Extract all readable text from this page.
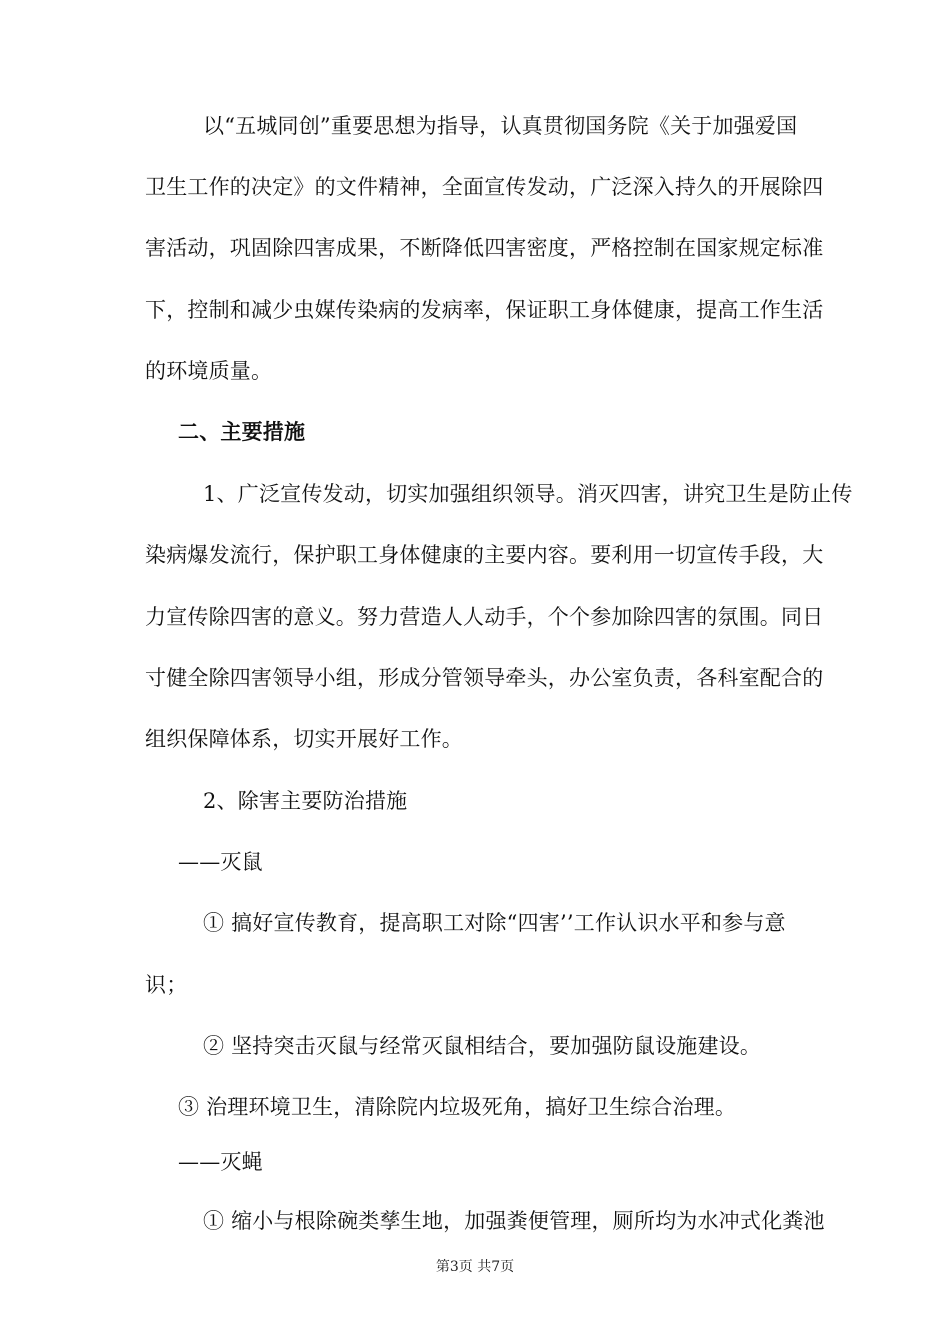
以“五城同创”重要思想为指导，认真贯彻国务院《关于加强爱国
卫生工作的决定》的文件精神，全面宣传发动，广泛深入持久的开展除四
害活动，巩固除四害成果，不断降低四害密度，严格控制在国家规定标准
下，控制和减少虫媒传染病的发病率，保证职工身体健康，提高工作生活
的环境质量。
二、主要措施
1、广泛宣传发动，切实加强组织领导。消灭四害，讲究卫生是防止传
染病爆发流行，保护职工身体健康的主要内容。要利用一切宣传手段，大
力宣传除四害的意义。努力营造人人动手，个个参加除四害的氛围。同日
寸健全除四害领导小组，形成分管领导牵头，办公室负责，各科室配合的
组织保障体系，切实开展好工作。
2、除害主要防治措施
——灭鼠
① 搞好宣传教育，提高职工对除“四害’’工作认识水平和参与意
识；
② 坚持突击灭鼠与经常灭鼠相结合，要加强防鼠设施建设。
③ 治理环境卫生，清除院内垃圾死角，搞好卫生综合治理。
——灭蝇
① 缩小与根除碗类孳生地，加强粪便管理，厕所均为水冲式化粪池
第3页 共7页
